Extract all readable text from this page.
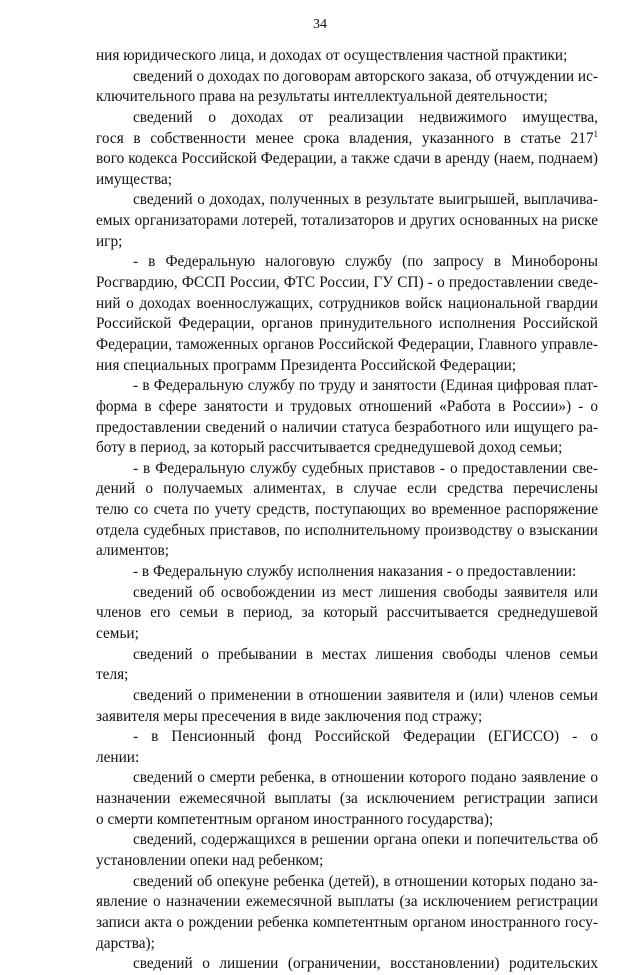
34
ния юридического лица, и доходах от осуществления частной практики;
сведений о доходах по договорам авторского заказа, об отчуждении ис-
ключительного права на результаты интеллектуальной деятельности;
сведений о доходах от реализации недвижимого имущества,
гося в собственности менее срока владения, указанного в статье $217^1$
вого кодекса Российской Федерации, а также сдачи в аренду (наем, поднаем)
имущества;
сведений о доходах, полученных в результате выигрышей, выплачива-
емых организаторами лотерей, тотализаторов и других основанных на риске
игр;
- в Федеральную налоговую службу (по запросу в Минобороны
Росгвардию, ФССП России, ФТС России, ГУ СП) - о предоставлении сведе-
ний о доходах военнослужащих, сотрудников войск национальной гвардии
Российской Федерации, органов принудительного исполнения Российской
Федерации, таможенных органов Российской Федерации, Главного управле-
ния специальных программ Президента Российской Федерации;
- в Федеральную службу по труду и занятости (Единая цифровая плат-
форма в сфере занятости и трудовых отношений «Работа в России») - о
предоставлении сведений о наличии статуса безработного или ищущего ра-
боту в период, за который рассчитывается среднедушевой доход семьи;
- в Федеральную службу судебных приставов - о предоставлении све-
дений о получаемых алиментах, в случае если средства перечислены
телю со счета по учету средств, поступающих во временное распоряжение
отдела судебных приставов, по исполнительному производству о взыскании
алиментов;
- в Федеральную службу исполнения наказания - о предоставлении:
сведений об освобождении из мест лишения свободы заявителя или
членов его семьи в период, за который рассчитывается среднедушевой
семьи;
сведений о пребывании в местах лишения свободы членов семьи
теля;
сведений о применении в отношении заявителя и (или) членов семьи
заявителя меры пресечения в виде заключения под стражу;
- в Пенсионный фонд Российской Федерации (ЕГИССО) - о
лении:
сведений о смерти ребенка, в отношении которого подано заявление о
назначении ежемесячной выплаты (за исключением регистрации записи
о смерти компетентным органом иностранного государства);
сведений, содержащихся в решении органа опеки и попечительства об
установлении опеки над ребенком;
сведений об опекуне ребенка (детей), в отношении которых подано за-
явление о назначении ежемесячной выплаты (за исключением регистрации
записи акта о рождении ребенка компетентным органом иностранного госу-
дарства);
сведений о лишении (ограничении, восстановлении) родительских
